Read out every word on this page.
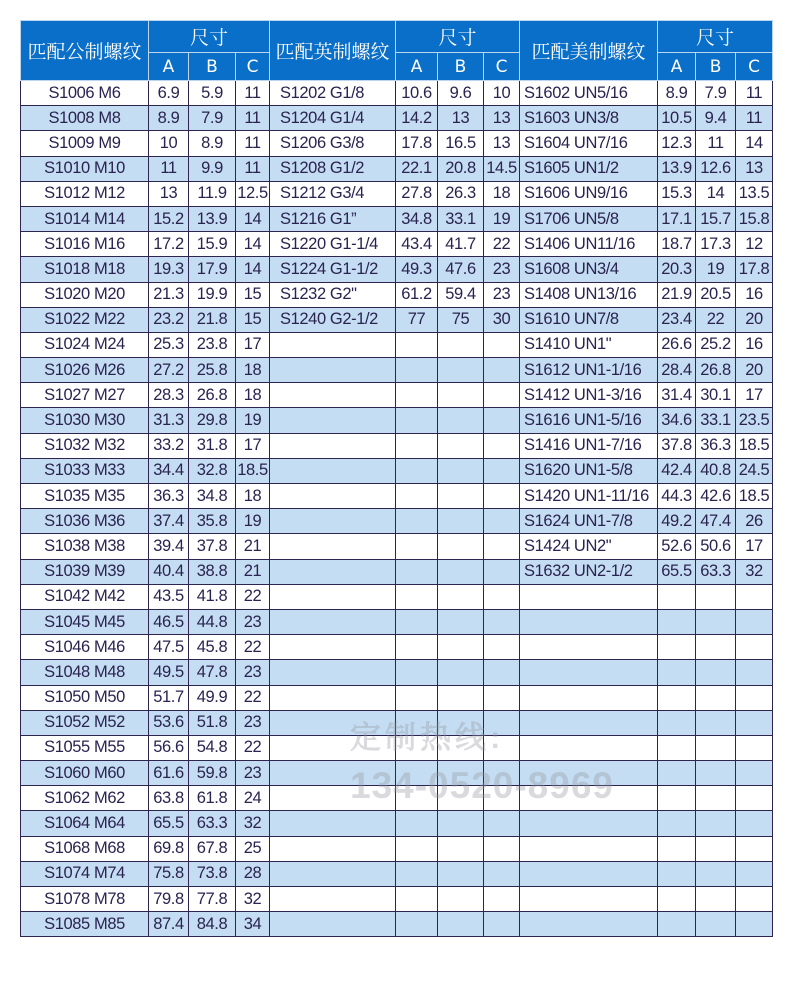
匹配公制螺纹	尺寸			匹配英制螺纹	尺寸			匹配美制螺纹	尺寸		
	A	B	C		A	B	C		A	B	C
S1006 M6	6.9	5.9	11	S1202 G1/8	10.6	9.6	10	S1602 UN5/16	8.9	7.9	11
S1008 M8	8.9	7.9	11	S1204 G1/4	14.2	13	13	S1603 UN3/8	10.5	9.4	11
S1009 M9	10	8.9	11	S1206 G3/8	17.8	16.5	13	S1604 UN7/16	12.3	11	14
S1010 M10	11	9.9	11	S1208 G1/2	22.1	20.8	14.5	S1605 UN1/2	13.9	12.6	13
S1012 M12	13	11.9	12.5	S1212 G3/4	27.8	26.3	18	S1606 UN9/16	15.3	14	13.5
S1014 M14	15.2	13.9	14	S1216 G1”	34.8	33.1	19	S1706 UN5/8	17.1	15.7	15.8
S1016 M16	17.2	15.9	14	S1220 G1-1/4	43.4	41.7	22	S1406 UN11/16	18.7	17.3	12
S1018 M18	19.3	17.9	14	S1224 G1-1/2	49.3	47.6	23	S1608 UN3/4	20.3	19	17.8
S1020 M20	21.3	19.9	15	S1232 G2"	61.2	59.4	23	S1408 UN13/16	21.9	20.5	16
S1022 M22	23.2	21.8	15	S1240 G2-1/2	77	75	30	S1610 UN7/8	23.4	22	20
S1024 M24	25.3	23.8	17					S1410 UN1"	26.6	25.2	16
S1026 M26	27.2	25.8	18					S1612 UN1-1/16	28.4	26.8	20
S1027 M27	28.3	26.8	18					S1412 UN1-3/16	31.4	30.1	17
S1030 M30	31.3	29.8	19					S1616 UN1-5/16	34.6	33.1	23.5
S1032 M32	33.2	31.8	17					S1416 UN1-7/16	37.8	36.3	18.5
S1033 M33	34.4	32.8	18.5					S1620 UN1-5/8	42.4	40.8	24.5
S1035 M35	36.3	34.8	18					S1420 UN1-11/16	44.3	42.6	18.5
S1036 M36	37.4	35.8	19					S1624 UN1-7/8	49.2	47.4	26
S1038 M38	39.4	37.8	21					S1424 UN2"	52.6	50.6	17
S1039 M39	40.4	38.8	21					S1632 UN2-1/2	65.5	63.3	32
S1042 M42	43.5	41.8	22								
S1045 M45	46.5	44.8	23								
S1046 M46	47.5	45.8	22								
S1048 M48	49.5	47.8	23								
S1050 M50	51.7	49.9	22								
S1052 M52	53.6	51.8	23								
S1055 M55	56.6	54.8	22								
S1060 M60	61.6	59.8	23								
S1062 M62	63.8	61.8	24								
S1064 M64	65.5	63.3	32								
S1068 M68	69.8	67.8	25								
S1074 M74	75.8	73.8	28								
S1078 M78	79.8	77.8	32								
S1085 M85	87.4	84.8	34								
定制热线:
134-0520-8969
